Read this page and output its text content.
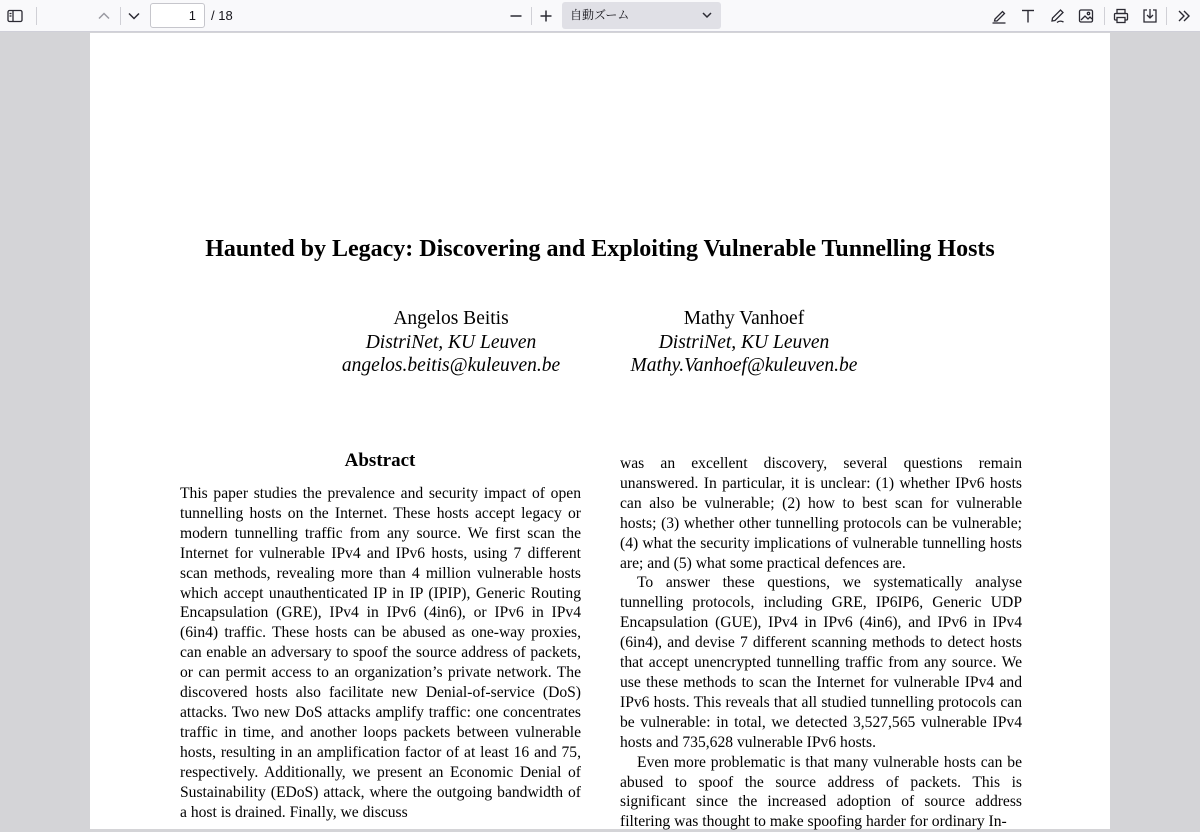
1	/ 18	自動ズーム
Haunted by Legacy: Discovering and Exploiting Vulnerable Tunnelling Hosts
Angelos Beitis
DistriNet, KU Leuven
angelos.beitis@kuleuven.be
Mathy Vanhoef
DistriNet, KU Leuven
Mathy.Vanhoef@kuleuven.be
Abstract

This paper studies the prevalence and security impact of open tunnelling hosts on the Internet. These hosts accept legacy or modern tunnelling traffic from any source. We first scan the Internet for vulnerable IPv4 and IPv6 hosts, using 7 different scan methods, revealing more than 4 million vulnerable hosts which accept unauthenticated IP in IP (IPIP), Generic Routing Encapsulation (GRE), IPv4 in IPv6 (4in6), or IPv6 in IPv4 (6in4) traffic. These hosts can be abused as one-way proxies, can enable an adversary to spoof the source address of packets, or can permit access to an organization’s private network. The discovered hosts also facilitate new Denial-of-service (DoS) attacks. Two new DoS attacks amplify traffic: one concentrates traffic in time, and another loops packets between vulnerable hosts, resulting in an amplification factor of at least 16 and 75, respectively. Additionally, we present an Economic Denial of Sustainability (EDoS) attack, where the outgoing bandwidth of a host is drained. Finally, we discuss

was an excellent discovery, several questions remain unanswered. In particular, it is unclear: (1) whether IPv6 hosts can also be vulnerable; (2) how to best scan for vulnerable hosts; (3) whether other tunnelling protocols can be vulnerable; (4) what the security implications of vulnerable tunnelling hosts are; and (5) what some practical defences are.

To answer these questions, we systematically analyse tunnelling protocols, including GRE, IP6IP6, Generic UDP Encapsulation (GUE), IPv4 in IPv6 (4in6), and IPv6 in IPv4 (6in4), and devise 7 different scanning methods to detect hosts that accept unencrypted tunnelling traffic from any source. We use these methods to scan the Internet for vulnerable IPv4 and IPv6 hosts. This reveals that all studied tunnelling protocols can be vulnerable: in total, we detected 3,527,565 vulnerable IPv4 hosts and 735,628 vulnerable IPv6 hosts.

Even more problematic is that many vulnerable hosts can be abused to spoof the source address of packets. This is significant since the increased adoption of source address filtering was thought to make spoofing harder for ordinary In-
